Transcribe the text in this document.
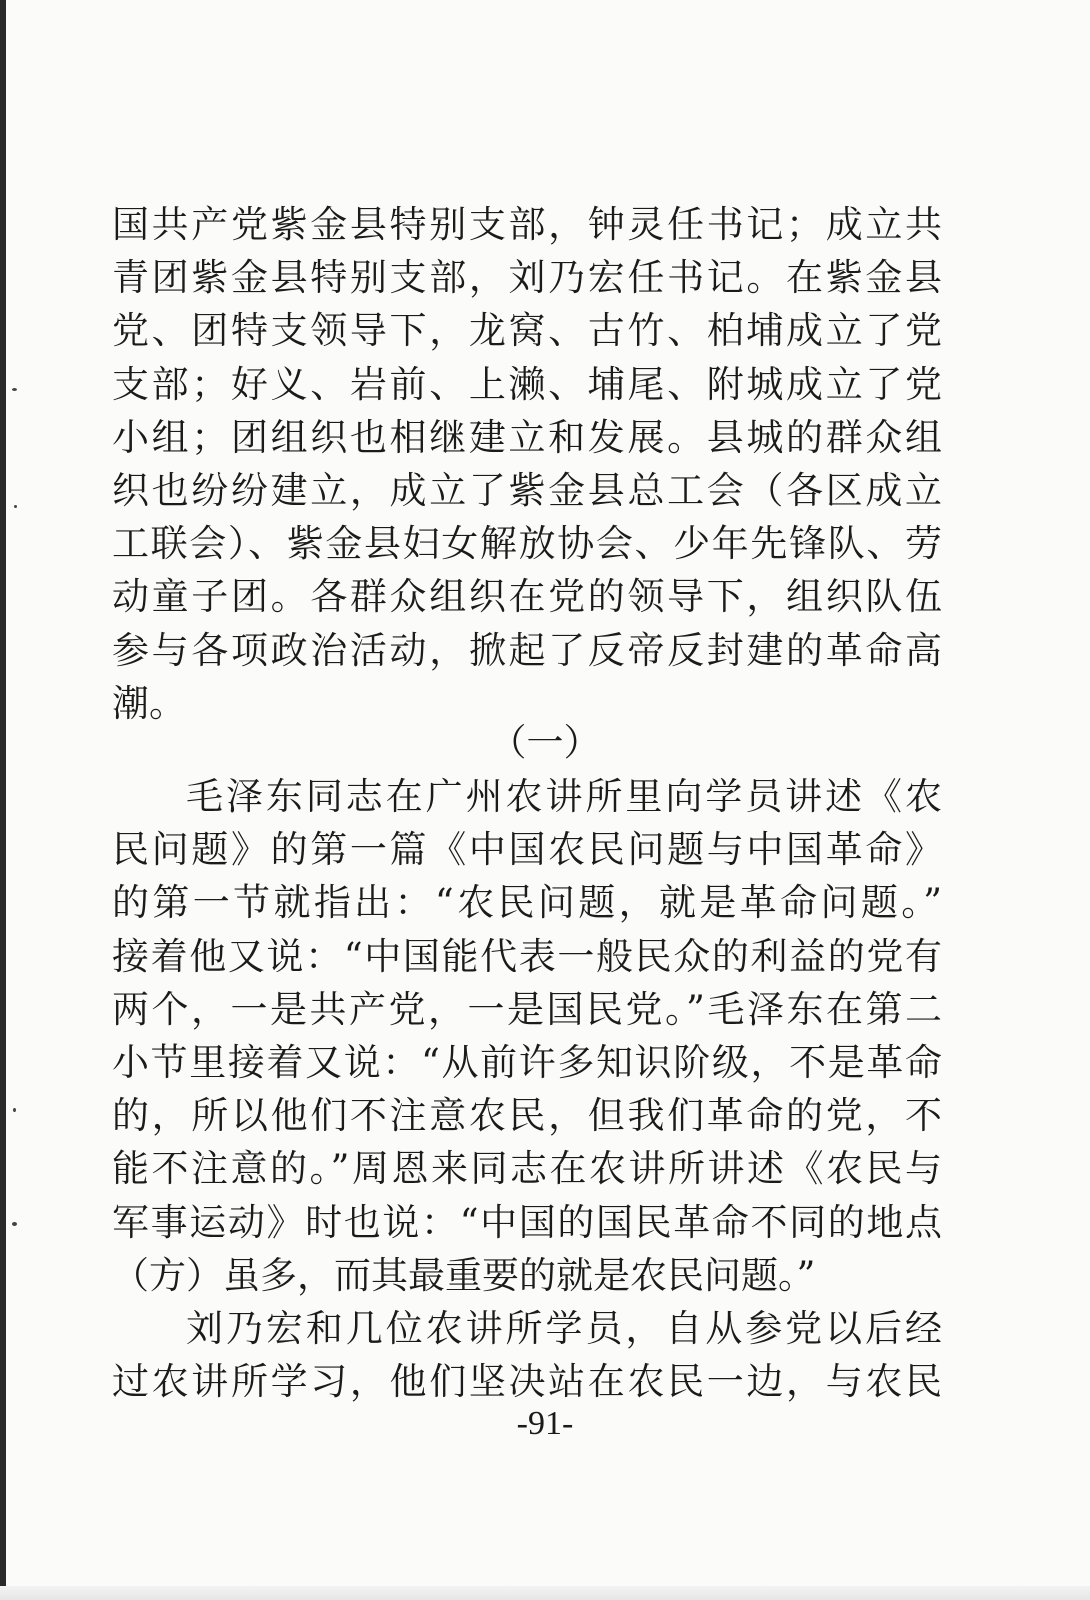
国共产党紫金县特别支部，钟灵任书记；成立共
青团紫金县特别支部，刘乃宏任书记。在紫金县
党、团特支领导下，龙窝、古竹、柏埔成立了党
支部；好义、岩前、上濑、埔尾、附城成立了党
小组；团组织也相继建立和发展。县城的群众组
织也纷纷建立，成立了紫金县总工会（各区成立
工联会）、紫金县妇女解放协会、少年先锋队、劳
动童子团。各群众组织在党的领导下，组织队伍
参与各项政治活动，掀起了反帝反封建的革命高
潮。
（一）
毛泽东同志在广州农讲所里向学员讲述《农
民问题》的第一篇《中国农民问题与中国革命》
的第一节就指出：“农民问题，就是革命问题。”
接着他又说：“中国能代表一般民众的利益的党有
两个，一是共产党，一是国民党。”毛泽东在第二
小节里接着又说：“从前许多知识阶级，不是革命
的，所以他们不注意农民，但我们革命的党，不
能不注意的。”周恩来同志在农讲所讲述《农民与
军事运动》时也说：“中国的国民革命不同的地点
（方）虽多，而其最重要的就是农民问题。”
刘乃宏和几位农讲所学员，自从参党以后经
过农讲所学习，他们坚决站在农民一边，与农民
-91-
